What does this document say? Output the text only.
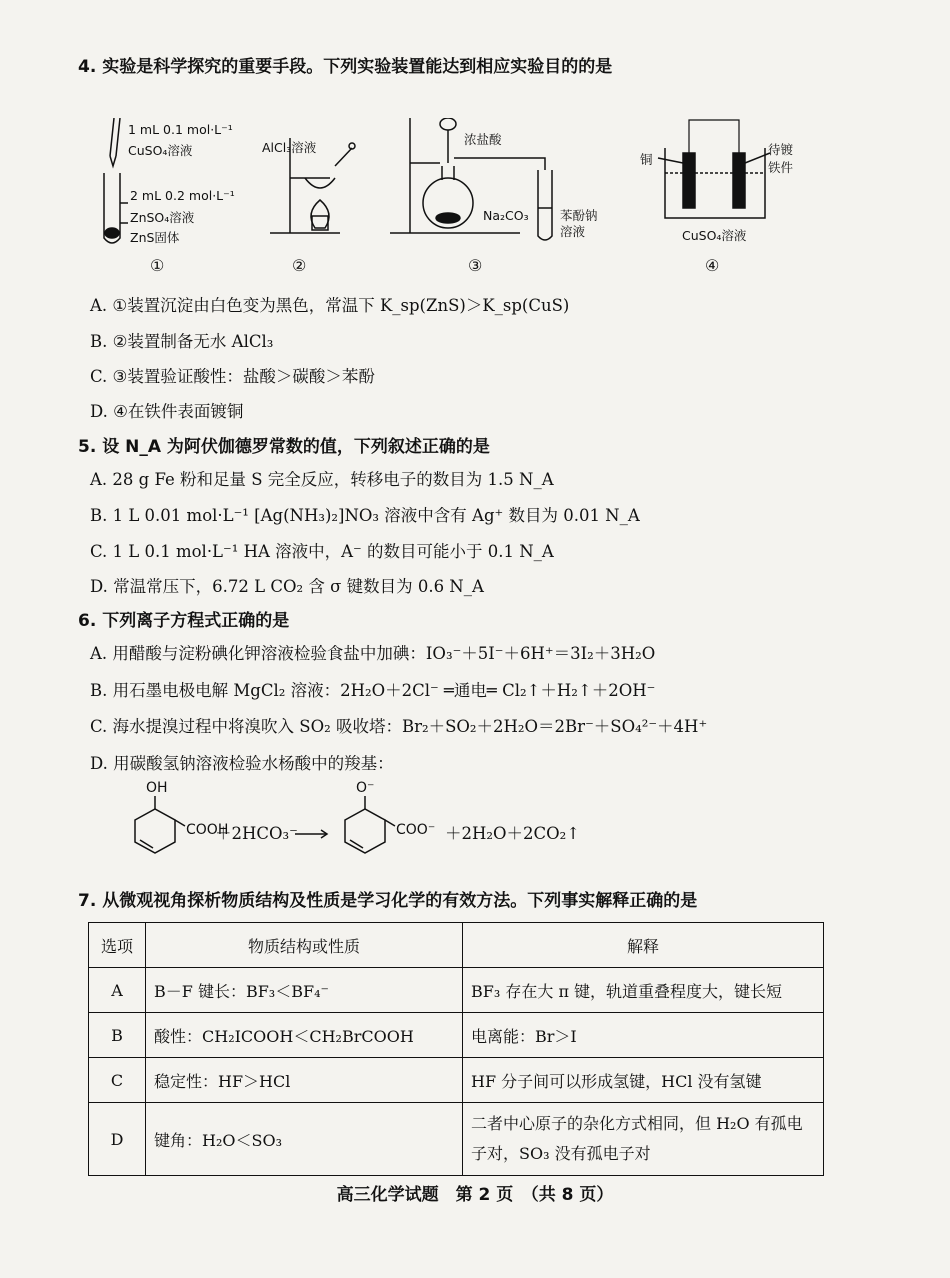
4. 实验是科学探究的重要手段。下列实验装置能达到相应实验目的的是
1 mL 0.1 mol·L⁻¹
CuSO₄溶液
2 mL 0.2 mol·L⁻¹
ZnSO₄溶液
ZnS固体
①
AlCl₃溶液
②
浓盐酸
Na₂CO₃	苯酚钠
溶液
③
铜
待镀
铁件
CuSO₄溶液
④
A. ①装置沉淀由白色变为黑色，常温下 K_sp(ZnS)＞K_sp(CuS)
B. ②装置制备无水 AlCl₃
C. ③装置验证酸性：盐酸＞碳酸＞苯酚
D. ④在铁件表面镀铜
5. 设 N_A 为阿伏伽德罗常数的值，下列叙述正确的是
A. 28 g Fe 粉和足量 S 完全反应，转移电子的数目为 1.5 N_A
B. 1 L 0.01 mol·L⁻¹ [Ag(NH₃)₂]NO₃ 溶液中含有 Ag⁺ 数目为 0.01 N_A
C. 1 L 0.1 mol·L⁻¹ HA 溶液中，A⁻ 的数目可能小于 0.1 N_A
D. 常温常压下，6.72 L CO₂ 含 σ 键数目为 0.6 N_A
6. 下列离子方程式正确的是
A. 用醋酸与淀粉碘化钾溶液检验食盐中加碘：IO₃⁻＋5I⁻＋6H⁺＝3I₂＋3H₂O
B. 用石墨电极电解 MgCl₂ 溶液：2H₂O＋2Cl⁻ ═通电═ Cl₂↑＋H₂↑＋2OH⁻
C. 海水提溴过程中将溴吹入 SO₂ 吸收塔：Br₂＋SO₂＋2H₂O＝2Br⁻＋SO₄²⁻＋4H⁺
D. 用碳酸氢钠溶液检验水杨酸中的羧基：
OH
COOH
＋2HCO₃⁻
O⁻
COO⁻ ＋2H₂O＋2CO₂↑
7. 从微观视角探析物质结构及性质是学习化学的有效方法。下列事实解释正确的是
选项	物质结构或性质	解释
A	B－F 键长：BF₃＜BF₄⁻	BF₃ 存在大 π 键，轨道重叠程度大，键长短
B	酸性：CH₂ICOOH＜CH₂BrCOOH	电离能：Br＞I
C	稳定性：HF＞HCl	HF 分子间可以形成氢键，HCl 没有氢键
D	键角：H₂O＜SO₃	二者中心原子的杂化方式相同，但 H₂O 有孤电子对，SO₃ 没有孤电子对
高三化学试题　第 2 页　（共 8 页）
